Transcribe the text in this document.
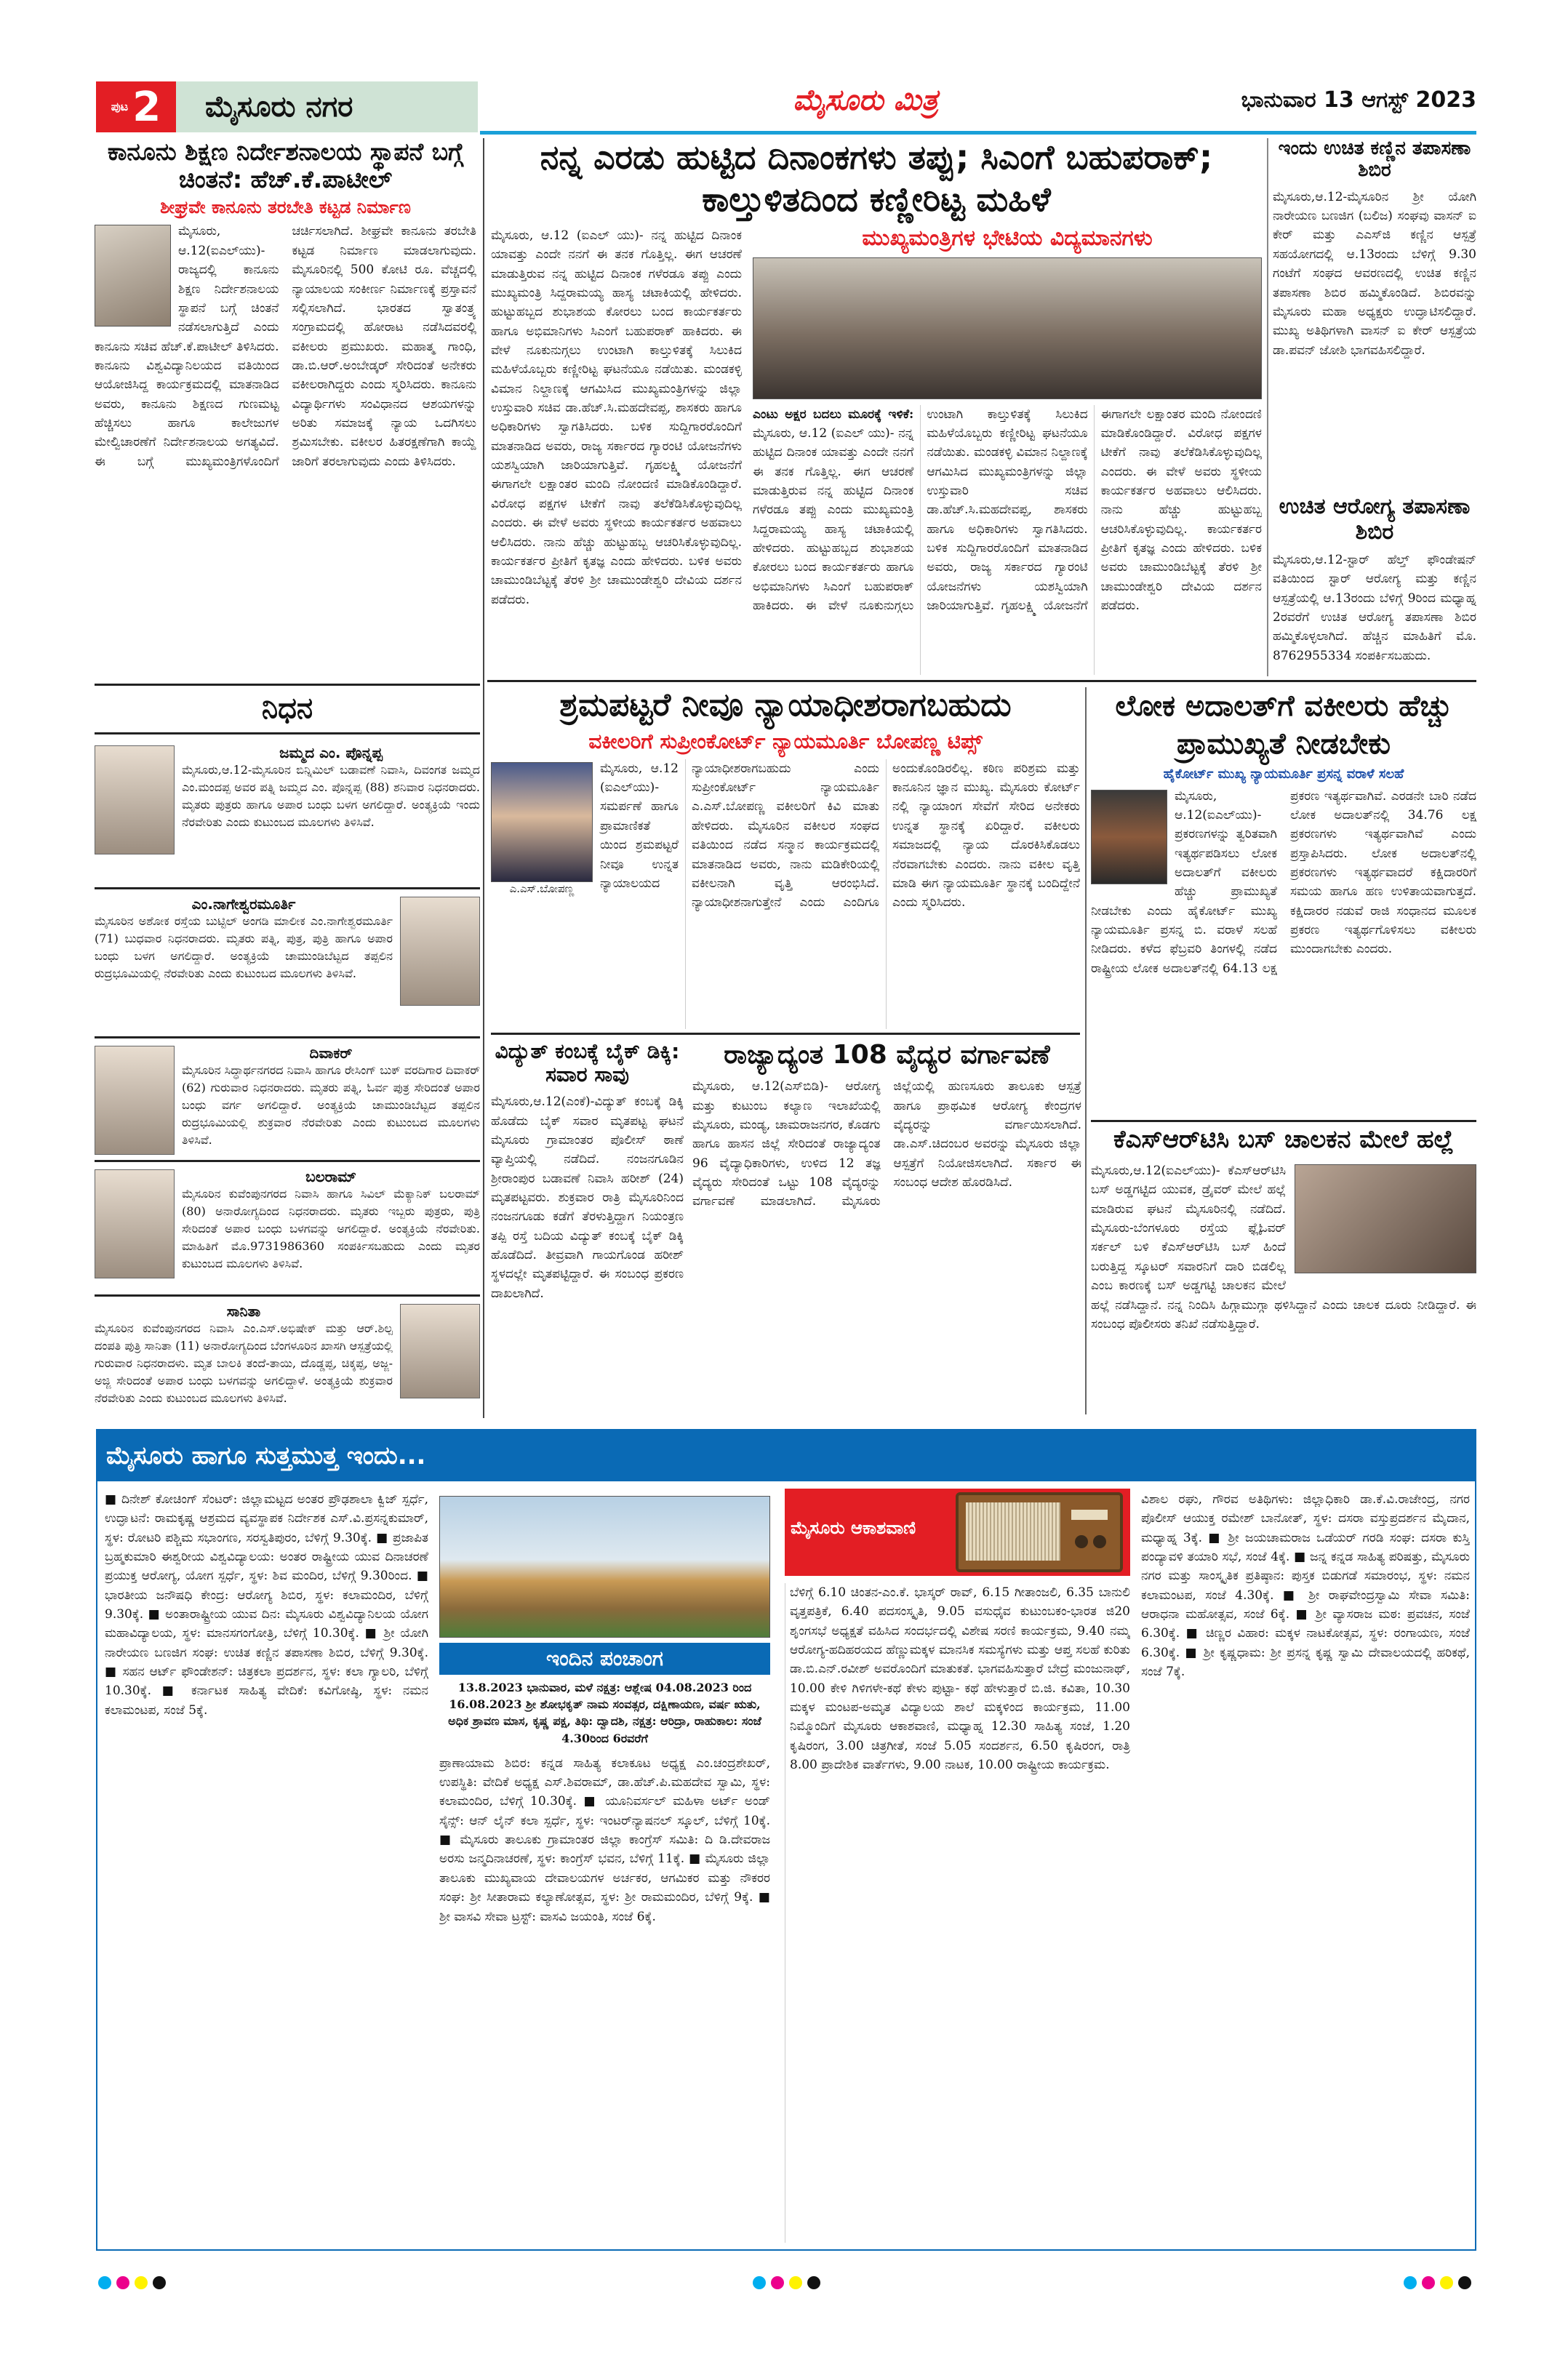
ಪುಟ 2 ಮೈಸೂರು ನಗರ	ಮೈಸೂರು ಮಿತ್ರ	ಭಾನುವಾರ 13 ಆಗಸ್ಟ್ 2023
ಕಾನೂನು ಶಿಕ್ಷಣ ನಿರ್ದೇಶನಾಲಯ ಸ್ಥಾಪನೆ ಬಗ್ಗೆ ಚಿಂತನೆ: ಹೆಚ್.ಕೆ.ಪಾಟೀಲ್
ಶೀಘ್ರವೇ ಕಾನೂನು ತರಬೇತಿ ಕಟ್ಟಡ ನಿರ್ಮಾಣ
ಮೈಸೂರು, ಆ.12(ಐಎಲ್‌ಯು)- ರಾಜ್ಯದಲ್ಲಿ ಕಾನೂನು ಶಿಕ್ಷಣ ನಿರ್ದೇಶನಾಲಯ ಸ್ಥಾಪನೆ ಬಗ್ಗೆ ಚಿಂತನೆ ನಡೆಸಲಾಗುತ್ತಿದೆ ಎಂದು ಕಾನೂನು ಸಚಿವ ಹೆಚ್.ಕೆ.ಪಾಟೀಲ್ ತಿಳಿಸಿದರು. ಕಾನೂನು ವಿಶ್ವವಿದ್ಯಾನಿಲಯದ ವತಿಯಿಂದ ಆಯೋಜಿಸಿದ್ದ ಕಾರ್ಯಕ್ರಮದಲ್ಲಿ ಮಾತನಾಡಿದ ಅವರು, ಕಾನೂನು ಶಿಕ್ಷಣದ ಗುಣಮಟ್ಟ ಹೆಚ್ಚಿಸಲು ಹಾಗೂ ಕಾಲೇಜುಗಳ ಮೇಲ್ವಿಚಾರಣೆಗೆ ನಿರ್ದೇಶನಾಲಯ ಅಗತ್ಯವಿದೆ. ಈ ಬಗ್ಗೆ ಮುಖ್ಯಮಂತ್ರಿಗಳೊಂದಿಗೆ ಚರ್ಚಿಸಲಾಗಿದೆ. ಶೀಘ್ರವೇ ಕಾನೂನು ತರಬೇತಿ ಕಟ್ಟಡ ನಿರ್ಮಾಣ ಮಾಡಲಾಗುವುದು. ಮೈಸೂರಿನಲ್ಲಿ 500 ಕೋಟಿ ರೂ. ವೆಚ್ಚದಲ್ಲಿ ನ್ಯಾಯಾಲಯ ಸಂಕೀರ್ಣ ನಿರ್ಮಾಣಕ್ಕೆ ಪ್ರಸ್ತಾವನೆ ಸಲ್ಲಿಸಲಾಗಿದೆ. ಭಾರತದ ಸ್ವಾತಂತ್ರ್ಯ ಸಂಗ್ರಾಮದಲ್ಲಿ ಹೋರಾಟ ನಡೆಸಿದವರಲ್ಲಿ ವಕೀಲರು ಪ್ರಮುಖರು. ಮಹಾತ್ಮ ಗಾಂಧಿ, ಡಾ.ಬಿ.ಆರ್.ಅಂಬೇಡ್ಕರ್ ಸೇರಿದಂತೆ ಅನೇಕರು ವಕೀಲರಾಗಿದ್ದರು ಎಂದು ಸ್ಮರಿಸಿದರು. ಕಾನೂನು ವಿದ್ಯಾರ್ಥಿಗಳು ಸಂವಿಧಾನದ ಆಶಯಗಳನ್ನು ಅರಿತು ಸಮಾಜಕ್ಕೆ ನ್ಯಾಯ ಒದಗಿಸಲು ಶ್ರಮಿಸಬೇಕು. ವಕೀಲರ ಹಿತರಕ್ಷಣೆಗಾಗಿ ಕಾಯ್ದೆ ಜಾರಿಗೆ ತರಲಾಗುವುದು ಎಂದು ತಿಳಿಸಿದರು.
ನಿಧನ
ಜಮ್ಮದ ಎಂ. ಪೊನ್ನಪ್ಪ
ಮೈಸೂರು,ಆ.12-ಮೈಸೂರಿನ ಬಿನ್ನಿಮಿಲ್ ಬಡಾವಣೆ ನಿವಾಸಿ, ದಿವಂಗತ ಜಮ್ಮದ ಎಂ.ಮಂದಪ್ಪ ಅವರ ಪತ್ನಿ ಜಮ್ಮದ ಎಂ. ಪೊನ್ನಪ್ಪ (88) ಶನಿವಾರ ನಿಧನರಾದರು. ಮೃತರು ಪುತ್ರರು ಹಾಗೂ ಅಪಾರ ಬಂಧು ಬಳಗ ಅಗಲಿದ್ದಾರೆ. ಅಂತ್ಯಕ್ರಿಯೆ ಇಂದು ನೆರವೇರಿತು ಎಂದು ಕುಟುಂಬದ ಮೂಲಗಳು ತಿಳಿಸಿವೆ.
ಎಂ.ನಾಗೇಶ್ವರಮೂರ್ತಿ
ಮೈಸೂರಿನ ಅಶೋಕ ರಸ್ತೆಯ ಬುಟ್ಟಿಲ್ ಅಂಗಡಿ ಮಾಲೀಕ ಎಂ.ನಾಗೇಶ್ವರಮೂರ್ತಿ (71) ಬುಧವಾರ ನಿಧನರಾದರು. ಮೃತರು ಪತ್ನಿ, ಪುತ್ರ, ಪುತ್ರಿ ಹಾಗೂ ಅಪಾರ ಬಂಧು ಬಳಗ ಅಗಲಿದ್ದಾರೆ. ಅಂತ್ಯಕ್ರಿಯೆ ಚಾಮುಂಡಿಬೆಟ್ಟದ ತಪ್ಪಲಿನ ರುದ್ರಭೂಮಿಯಲ್ಲಿ ನೆರವೇರಿತು ಎಂದು ಕುಟುಂಬದ ಮೂಲಗಳು ತಿಳಿಸಿವೆ.
ದಿವಾಕರ್
ಮೈಸೂರಿನ ಸಿದ್ಧಾರ್ಥನಗರದ ನಿವಾಸಿ ಹಾಗೂ ರೇಸಿಂಗ್ ಬುಕ್ ವರದಿಗಾರ ದಿವಾಕರ್ (62) ಗುರುವಾರ ನಿಧನರಾದರು. ಮೃತರು ಪತ್ನಿ, ಓರ್ವ ಪುತ್ರ ಸೇರಿದಂತೆ ಅಪಾರ ಬಂಧು ವರ್ಗ ಅಗಲಿದ್ದಾರೆ. ಅಂತ್ಯಕ್ರಿಯೆ ಚಾಮುಂಡಿಬೆಟ್ಟದ ತಪ್ಪಲಿನ ರುದ್ರಭೂಮಿಯಲ್ಲಿ ಶುಕ್ರವಾರ ನೆರವೇರಿತು ಎಂದು ಕುಟುಂಬದ ಮೂಲಗಳು ತಿಳಿಸಿವೆ.
ಬಲರಾಮ್
ಮೈಸೂರಿನ ಕುವೆಂಪುನಗರದ ನಿವಾಸಿ ಹಾಗೂ ಸಿವಿಲ್ ಮೆಕ್ಯಾನಿಕ್ ಬಲರಾಮ್ (80) ಅನಾರೋಗ್ಯದಿಂದ ನಿಧನರಾದರು. ಮೃತರು ಇಬ್ಬರು ಪುತ್ರರು, ಪುತ್ರಿ ಸೇರಿದಂತೆ ಅಪಾರ ಬಂಧು ಬಳಗವನ್ನು ಅಗಲಿದ್ದಾರೆ. ಅಂತ್ಯಕ್ರಿಯೆ ನೆರವೇರಿತು. ಮಾಹಿತಿಗೆ ಮೊ.9731986360 ಸಂಪರ್ಕಿಸಬಹುದು ಎಂದು ಮೃತರ ಕುಟುಂಬದ ಮೂಲಗಳು ತಿಳಿಸಿವೆ.
ಸಾನಿತಾ
ಮೈಸೂರಿನ ಕುವೆಂಪುನಗರದ ನಿವಾಸಿ ಎಂ.ಎಸ್.ಅಭಿಷೇಕ್ ಮತ್ತು ಆರ್.ಶಿಲ್ಪ ದಂಪತಿ ಪುತ್ರಿ ಸಾನಿತಾ (11) ಅನಾರೋಗ್ಯದಿಂದ ಬೆಂಗಳೂರಿನ ಖಾಸಗಿ ಆಸ್ಪತ್ರೆಯಲ್ಲಿ ಗುರುವಾರ ನಿಧನರಾದಳು. ಮೃತ ಬಾಲಕಿ ತಂದೆ-ತಾಯಿ, ದೊಡ್ಡಪ್ಪ, ಚಿಕ್ಕಪ್ಪ, ಅಜ್ಜ-ಅಜ್ಜಿ ಸೇರಿದಂತೆ ಅಪಾರ ಬಂಧು ಬಳಗವನ್ನು ಅಗಲಿದ್ದಾಳೆ. ಅಂತ್ಯಕ್ರಿಯೆ ಶುಕ್ರವಾರ ನೆರವೇರಿತು ಎಂದು ಕುಟುಂಬದ ಮೂಲಗಳು ತಿಳಿಸಿವೆ.
ನನ್ನ ಎರಡು ಹುಟ್ಟಿದ ದಿನಾಂಕಗಳು ತಪ್ಪು; ಸಿಎಂಗೆ ಬಹುಪರಾಕ್; ಕಾಲ್ತುಳಿತದಿಂದ ಕಣ್ಣೀರಿಟ್ಟ ಮಹಿಳೆ
ಮೈಸೂರು, ಆ.12 (ಐಎಲ್ ಯು)- ನನ್ನ ಹುಟ್ಟಿದ ದಿನಾಂಕ ಯಾವತ್ತು ಎಂದೇ ನನಗೆ ಈ ತನಕ ಗೊತ್ತಿಲ್ಲ. ಈಗ ಆಚರಣೆ ಮಾಡುತ್ತಿರುವ ನನ್ನ ಹುಟ್ಟಿದ ದಿನಾಂಕ ಗಳೆರಡೂ ತಪ್ಪು ಎಂದು ಮುಖ್ಯಮಂತ್ರಿ ಸಿದ್ದರಾಮಯ್ಯ ಹಾಸ್ಯ ಚಟಾಕಿಯಲ್ಲಿ ಹೇಳಿದರು. ಹುಟ್ಟುಹಬ್ಬದ ಶುಭಾಶಯ ಕೋರಲು ಬಂದ ಕಾರ್ಯಕರ್ತರು ಹಾಗೂ ಅಭಿಮಾನಿಗಳು ಸಿಎಂಗೆ ಬಹುಪರಾಕ್ ಹಾಕಿದರು. ಈ ವೇಳೆ ನೂಕುನುಗ್ಗಲು ಉಂಟಾಗಿ ಕಾಲ್ತುಳಿತಕ್ಕೆ ಸಿಲುಕಿದ ಮಹಿಳೆಯೊಬ್ಬರು ಕಣ್ಣೀರಿಟ್ಟ ಘಟನೆಯೂ ನಡೆಯಿತು. ಮಂಡಕಳ್ಳಿ ವಿಮಾನ ನಿಲ್ದಾಣಕ್ಕೆ ಆಗಮಿಸಿದ ಮುಖ್ಯಮಂತ್ರಿಗಳನ್ನು ಜಿಲ್ಲಾ ಉಸ್ತುವಾರಿ ಸಚಿವ ಡಾ.ಹೆಚ್.ಸಿ.ಮಹದೇವಪ್ಪ, ಶಾಸಕರು ಹಾಗೂ ಅಧಿಕಾರಿಗಳು ಸ್ವಾಗತಿಸಿದರು. ಬಳಿಕ ಸುದ್ದಿಗಾರರೊಂದಿಗೆ ಮಾತನಾಡಿದ ಅವರು, ರಾಜ್ಯ ಸರ್ಕಾರದ ಗ್ಯಾರಂಟಿ ಯೋಜನೆಗಳು ಯಶಸ್ವಿಯಾಗಿ ಜಾರಿಯಾಗುತ್ತಿವೆ. ಗೃಹಲಕ್ಷ್ಮಿ ಯೋಜನೆಗೆ ಈಗಾಗಲೇ ಲಕ್ಷಾಂತರ ಮಂದಿ ನೋಂದಣಿ ಮಾಡಿಕೊಂಡಿದ್ದಾರೆ. ವಿರೋಧ ಪಕ್ಷಗಳ ಟೀಕೆಗೆ ನಾವು ತಲೆಕೆಡಿಸಿಕೊಳ್ಳುವುದಿಲ್ಲ ಎಂದರು. ಈ ವೇಳೆ ಅವರು ಸ್ಥಳೀಯ ಕಾರ್ಯಕರ್ತರ ಅಹವಾಲು ಆಲಿಸಿದರು. ನಾನು ಹೆಚ್ಚು ಹುಟ್ಟುಹಬ್ಬ ಆಚರಿಸಿಕೊಳ್ಳುವುದಿಲ್ಲ. ಕಾರ್ಯಕರ್ತರ ಪ್ರೀತಿಗೆ ಕೃತಜ್ಞ ಎಂದು ಹೇಳಿದರು. ಬಳಿಕ ಅವರು ಚಾಮುಂಡಿಬೆಟ್ಟಕ್ಕೆ ತೆರಳಿ ಶ್ರೀ ಚಾಮುಂಡೇಶ್ವರಿ ದೇವಿಯ ದರ್ಶನ ಪಡೆದರು.
ಮುಖ್ಯಮಂತ್ರಿಗಳ ಭೇಟಿಯ ವಿದ್ಯಮಾನಗಳು
ಎಂಟು ಅಕ್ಷರ ಬದಲು ಮೂರಕ್ಕೆ ಇಳಿಕೆ: ಮೈಸೂರು, ಆ.12 (ಐಎಲ್ ಯು)- ನನ್ನ ಹುಟ್ಟಿದ ದಿನಾಂಕ ಯಾವತ್ತು ಎಂದೇ ನನಗೆ ಈ ತನಕ ಗೊತ್ತಿಲ್ಲ. ಈಗ ಆಚರಣೆ ಮಾಡುತ್ತಿರುವ ನನ್ನ ಹುಟ್ಟಿದ ದಿನಾಂಕ ಗಳೆರಡೂ ತಪ್ಪು ಎಂದು ಮುಖ್ಯಮಂತ್ರಿ ಸಿದ್ದರಾಮಯ್ಯ ಹಾಸ್ಯ ಚಟಾಕಿಯಲ್ಲಿ ಹೇಳಿದರು. ಹುಟ್ಟುಹಬ್ಬದ ಶುಭಾಶಯ ಕೋರಲು ಬಂದ ಕಾರ್ಯಕರ್ತರು ಹಾಗೂ ಅಭಿಮಾನಿಗಳು ಸಿಎಂಗೆ ಬಹುಪರಾಕ್ ಹಾಕಿದರು. ಈ ವೇಳೆ ನೂಕುನುಗ್ಗಲು ಉಂಟಾಗಿ ಕಾಲ್ತುಳಿತಕ್ಕೆ ಸಿಲುಕಿದ ಮಹಿಳೆಯೊಬ್ಬರು ಕಣ್ಣೀರಿಟ್ಟ ಘಟನೆಯೂ ನಡೆಯಿತು. ಮಂಡಕಳ್ಳಿ ವಿಮಾನ ನಿಲ್ದಾಣಕ್ಕೆ ಆಗಮಿಸಿದ ಮುಖ್ಯಮಂತ್ರಿಗಳನ್ನು ಜಿಲ್ಲಾ ಉಸ್ತುವಾರಿ ಸಚಿವ ಡಾ.ಹೆಚ್.ಸಿ.ಮಹದೇವಪ್ಪ, ಶಾಸಕರು ಹಾಗೂ ಅಧಿಕಾರಿಗಳು ಸ್ವಾಗತಿಸಿದರು. ಬಳಿಕ ಸುದ್ದಿಗಾರರೊಂದಿಗೆ ಮಾತನಾಡಿದ ಅವರು, ರಾಜ್ಯ ಸರ್ಕಾರದ ಗ್ಯಾರಂಟಿ ಯೋಜನೆಗಳು ಯಶಸ್ವಿಯಾಗಿ ಜಾರಿಯಾಗುತ್ತಿವೆ. ಗೃಹಲಕ್ಷ್ಮಿ ಯೋಜನೆಗೆ ಈಗಾಗಲೇ ಲಕ್ಷಾಂತರ ಮಂದಿ ನೋಂದಣಿ ಮಾಡಿಕೊಂಡಿದ್ದಾರೆ. ವಿರೋಧ ಪಕ್ಷಗಳ ಟೀಕೆಗೆ ನಾವು ತಲೆಕೆಡಿಸಿಕೊಳ್ಳುವುದಿಲ್ಲ ಎಂದರು. ಈ ವೇಳೆ ಅವರು ಸ್ಥಳೀಯ ಕಾರ್ಯಕರ್ತರ ಅಹವಾಲು ಆಲಿಸಿದರು. ನಾನು ಹೆಚ್ಚು ಹುಟ್ಟುಹಬ್ಬ ಆಚರಿಸಿಕೊಳ್ಳುವುದಿಲ್ಲ. ಕಾರ್ಯಕರ್ತರ ಪ್ರೀತಿಗೆ ಕೃತಜ್ಞ ಎಂದು ಹೇಳಿದರು. ಬಳಿಕ ಅವರು ಚಾಮುಂಡಿಬೆಟ್ಟಕ್ಕೆ ತೆರಳಿ ಶ್ರೀ ಚಾಮುಂಡೇಶ್ವರಿ ದೇವಿಯ ದರ್ಶನ ಪಡೆದರು.
ಇಂದು ಉಚಿತ ಕಣ್ಣಿನ ತಪಾಸಣಾ ಶಿಬಿರ
ಮೈಸೂರು,ಆ.12-ಮೈಸೂರಿನ ಶ್ರೀ ಯೋಗಿ ನಾರೇಯಣ ಬಣಜಿಗ (ಬಲಿಜ) ಸಂಘವು ವಾಸನ್ ಐ ಕೇರ್ ಮತ್ತು ಎಎಸ್‌ಜಿ ಕಣ್ಣಿನ ಆಸ್ಪತ್ರೆ ಸಹಯೋಗದಲ್ಲಿ ಆ.13ರಂದು ಬೆಳಿಗ್ಗೆ 9.30 ಗಂಟೆಗೆ ಸಂಘದ ಆವರಣದಲ್ಲಿ ಉಚಿತ ಕಣ್ಣಿನ ತಪಾಸಣಾ ಶಿಬಿರ ಹಮ್ಮಿಕೊಂಡಿದೆ. ಶಿಬಿರವನ್ನು ಮೈಸೂರು ಮಹಾ ಅಧ್ಯಕ್ಷರು ಉದ್ಘಾಟಿಸಲಿದ್ದಾರೆ. ಮುಖ್ಯ ಅತಿಥಿಗಳಾಗಿ ವಾಸನ್ ಐ ಕೇರ್ ಆಸ್ಪತ್ರೆಯ ಡಾ.ಪವನ್ ಜೋಶಿ ಭಾಗವಹಿಸಲಿದ್ದಾರೆ.
ಉಚಿತ ಆರೋಗ್ಯ ತಪಾಸಣಾ ಶಿಬಿರ
ಮೈಸೂರು,ಆ.12-ಸ್ಟಾರ್ ಹೆಲ್ತ್ ಫೌಂಡೇಷನ್ ವತಿಯಿಂದ ಸ್ಟಾರ್ ಆರೋಗ್ಯ ಮತ್ತು ಕಣ್ಣಿನ ಆಸ್ಪತ್ರೆಯಲ್ಲಿ ಆ.13ರಂದು ಬೆಳಿಗ್ಗೆ 9ರಿಂದ ಮಧ್ಯಾಹ್ನ 2ರವರೆಗೆ ಉಚಿತ ಆರೋಗ್ಯ ತಪಾಸಣಾ ಶಿಬಿರ ಹಮ್ಮಿಕೊಳ್ಳಲಾಗಿದೆ. ಹೆಚ್ಚಿನ ಮಾಹಿತಿಗೆ ಮೊ. 8762955334 ಸಂಪರ್ಕಿಸಬಹುದು.
ಶ್ರಮಪಟ್ಟರೆ ನೀವೂ ನ್ಯಾಯಾಧೀಶರಾಗಬಹುದು
ವಕೀಲರಿಗೆ ಸುಪ್ರೀಂಕೋರ್ಟ್ ನ್ಯಾಯಮೂರ್ತಿ ಬೋಪಣ್ಣ ಟಿಪ್ಸ್
ಎ.ಎಸ್.ಬೋಪಣ್ಣ
ಮೈಸೂರು, ಆ.12 (ಐಎಲ್‌ಯು)- ಸಮರ್ಪಣೆ ಹಾಗೂ ಪ್ರಾಮಾಣಿಕತೆ ಯಿಂದ ಶ್ರಮಪಟ್ಟರೆ ನೀವೂ ಉನ್ನತ ನ್ಯಾಯಾಲಯದ ನ್ಯಾಯಾಧೀಶರಾಗಬಹುದು ಎಂದು ಸುಪ್ರೀಂಕೋರ್ಟ್ ನ್ಯಾಯಮೂರ್ತಿ ಎ.ಎಸ್.ಬೋಪಣ್ಣ ವಕೀಲರಿಗೆ ಕಿವಿ ಮಾತು ಹೇಳಿದರು. ಮೈಸೂರಿನ ವಕೀಲರ ಸಂಘದ ವತಿಯಿಂದ ನಡೆದ ಸನ್ಮಾನ ಕಾರ್ಯಕ್ರಮದಲ್ಲಿ ಮಾತನಾಡಿದ ಅವರು, ನಾನು ಮಡಿಕೇರಿಯಲ್ಲಿ ವಕೀಲನಾಗಿ ವೃತ್ತಿ ಆರಂಭಿಸಿದೆ. ನ್ಯಾಯಾಧೀಶನಾಗುತ್ತೇನೆ ಎಂದು ಎಂದಿಗೂ ಅಂದುಕೊಂಡಿರಲಿಲ್ಲ. ಕಠಿಣ ಪರಿಶ್ರಮ ಮತ್ತು ಕಾನೂನಿನ ಜ್ಞಾನ ಮುಖ್ಯ. ಮೈಸೂರು ಕೋರ್ಟ್ ನಲ್ಲಿ ನ್ಯಾಯಾಂಗ ಸೇವೆಗೆ ಸೇರಿದ ಅನೇಕರು ಉನ್ನತ ಸ್ಥಾನಕ್ಕೆ ಏರಿದ್ದಾರೆ. ವಕೀಲರು ಸಮಾಜದಲ್ಲಿ ನ್ಯಾಯ ದೊರಕಿಸಿಕೊಡಲು ನೆರವಾಗಬೇಕು ಎಂದರು. ನಾನು ವಕೀಲ ವೃತ್ತಿ ಮಾಡಿ ಈಗ ನ್ಯಾಯಮೂರ್ತಿ ಸ್ಥಾನಕ್ಕೆ ಬಂದಿದ್ದೇನೆ ಎಂದು ಸ್ಮರಿಸಿದರು.
ಲೋಕ ಅದಾಲತ್‌ಗೆ ವಕೀಲರು ಹೆಚ್ಚು ಪ್ರಾಮುಖ್ಯತೆ ನೀಡಬೇಕು
ಹೈಕೋರ್ಟ್ ಮುಖ್ಯ ನ್ಯಾಯಮೂರ್ತಿ ಪ್ರಸನ್ನ ವರಾಳೆ ಸಲಹೆ
ಮೈಸೂರು, ಆ.12(ಐಎಲ್‌ಯು)- ಪ್ರಕರಣಗಳನ್ನು ತ್ವರಿತವಾಗಿ ಇತ್ಯರ್ಥಪಡಿಸಲು ಲೋಕ ಅದಾಲತ್‌ಗೆ ವಕೀಲರು ಹೆಚ್ಚು ಪ್ರಾಮುಖ್ಯತೆ ನೀಡಬೇಕು ಎಂದು ಹೈಕೋರ್ಟ್ ಮುಖ್ಯ ನ್ಯಾಯಮೂರ್ತಿ ಪ್ರಸನ್ನ ಬಿ. ವರಾಳೆ ಸಲಹೆ ನೀಡಿದರು. ಕಳೆದ ಫೆಬ್ರವರಿ ತಿಂಗಳಲ್ಲಿ ನಡೆದ ರಾಷ್ಟ್ರೀಯ ಲೋಕ ಅದಾಲತ್‌ನಲ್ಲಿ 64.13 ಲಕ್ಷ ಪ್ರಕರಣ ಇತ್ಯರ್ಥವಾಗಿವೆ. ಎರಡನೇ ಬಾರಿ ನಡೆದ ಲೋಕ ಅದಾಲತ್‌ನಲ್ಲಿ 34.76 ಲಕ್ಷ ಪ್ರಕರಣಗಳು ಇತ್ಯರ್ಥವಾಗಿವೆ ಎಂದು ಪ್ರಸ್ತಾಪಿಸಿದರು. ಲೋಕ ಅದಾಲತ್‌ನಲ್ಲಿ ಪ್ರಕರಣಗಳು ಇತ್ಯರ್ಥವಾದರೆ ಕಕ್ಷಿದಾರರಿಗೆ ಸಮಯ ಹಾಗೂ ಹಣ ಉಳಿತಾಯವಾಗುತ್ತದೆ. ಕಕ್ಷಿದಾರರ ನಡುವೆ ರಾಜಿ ಸಂಧಾನದ ಮೂಲಕ ಪ್ರಕರಣ ಇತ್ಯರ್ಥಗೊಳಿಸಲು ವಕೀಲರು ಮುಂದಾಗಬೇಕು ಎಂದರು.
ವಿದ್ಯುತ್ ಕಂಬಕ್ಕೆ ಬೈಕ್ ಡಿಕ್ಕಿ: ಸವಾರ ಸಾವು
ಮೈಸೂರು,ಆ.12(ಎಂಕೆ)-ವಿದ್ಯುತ್ ಕಂಬಕ್ಕೆ ಡಿಕ್ಕಿ ಹೊಡೆದು ಬೈಕ್ ಸವಾರ ಮೃತಪಟ್ಟ ಘಟನೆ ಮೈಸೂರು ಗ್ರಾಮಾಂತರ ಪೊಲೀಸ್ ಠಾಣೆ ವ್ಯಾಪ್ತಿಯಲ್ಲಿ ನಡೆದಿದೆ. ನಂಜನಗೂಡಿನ ಶ್ರೀರಾಂಪುರ ಬಡಾವಣೆ ನಿವಾಸಿ ಹರೀಶ್ (24) ಮೃತಪಟ್ಟವರು. ಶುಕ್ರವಾರ ರಾತ್ರಿ ಮೈಸೂರಿನಿಂದ ನಂಜನಗೂಡು ಕಡೆಗೆ ತೆರಳುತ್ತಿದ್ದಾಗ ನಿಯಂತ್ರಣ ತಪ್ಪಿ ರಸ್ತೆ ಬದಿಯ ವಿದ್ಯುತ್ ಕಂಬಕ್ಕೆ ಬೈಕ್ ಡಿಕ್ಕಿ ಹೊಡೆದಿದೆ. ತೀವ್ರವಾಗಿ ಗಾಯಗೊಂಡ ಹರೀಶ್ ಸ್ಥಳದಲ್ಲೇ ಮೃತಪಟ್ಟಿದ್ದಾರೆ. ಈ ಸಂಬಂಧ ಪ್ರಕರಣ ದಾಖಲಾಗಿದೆ.
ರಾಜ್ಯಾದ್ಯಂತ 108 ವೈದ್ಯರ ವರ್ಗಾವಣೆ
ಮೈಸೂರು, ಆ.12(ಎಸ್‌ಬಿಡಿ)- ಆರೋಗ್ಯ ಮತ್ತು ಕುಟುಂಬ ಕಲ್ಯಾಣ ಇಲಾಖೆಯಲ್ಲಿ ಮೈಸೂರು, ಮಂಡ್ಯ, ಚಾಮರಾಜನಗರ, ಕೊಡಗು ಹಾಗೂ ಹಾಸನ ಜಿಲ್ಲೆ ಸೇರಿದಂತೆ ರಾಜ್ಯಾದ್ಯಂತ 96 ವೈದ್ಯಾಧಿಕಾರಿಗಳು, ಉಳಿದ 12 ತಜ್ಞ ವೈದ್ಯರು ಸೇರಿದಂತೆ ಒಟ್ಟು 108 ವೈದ್ಯರನ್ನು ವರ್ಗಾವಣೆ ಮಾಡಲಾಗಿದೆ. ಮೈಸೂರು ಜಿಲ್ಲೆಯಲ್ಲಿ ಹುಣಸೂರು ತಾಲೂಕು ಆಸ್ಪತ್ರೆ ಹಾಗೂ ಪ್ರಾಥಮಿಕ ಆರೋಗ್ಯ ಕೇಂದ್ರಗಳ ವೈದ್ಯರನ್ನು ವರ್ಗಾಯಿಸಲಾಗಿದೆ. ಡಾ.ಎಸ್.ಚಿದಂಬರ ಅವರನ್ನು ಮೈಸೂರು ಜಿಲ್ಲಾ ಆಸ್ಪತ್ರೆಗೆ ನಿಯೋಜಿಸಲಾಗಿದೆ. ಸರ್ಕಾರ ಈ ಸಂಬಂಧ ಆದೇಶ ಹೊರಡಿಸಿದೆ.
ಕೆಎಸ್‌ಆರ್‌ಟಿಸಿ ಬಸ್ ಚಾಲಕನ ಮೇಲೆ ಹಲ್ಲೆ
ಮೈಸೂರು,ಆ.12(ಐಎಲ್‌ಯು)- ಕೆಎಸ್‌ಆರ್‌ಟಿಸಿ ಬಸ್ ಅಡ್ಡಗಟ್ಟಿದ ಯುವಕ, ಡ್ರೈವರ್ ಮೇಲೆ ಹಲ್ಲೆ ಮಾಡಿರುವ ಘಟನೆ ಮೈಸೂರಿನಲ್ಲಿ ನಡೆದಿದೆ. ಮೈಸೂರು-ಬೆಂಗಳೂರು ರಸ್ತೆಯ ಫ್ಲೈಓವರ್ ಸರ್ಕಲ್ ಬಳಿ ಕೆಎಸ್‌ಆರ್‌ಟಿಸಿ ಬಸ್ ಹಿಂದೆ ಬರುತ್ತಿದ್ದ ಸ್ಕೂಟರ್ ಸವಾರನಿಗೆ ದಾರಿ ಬಿಡಲಿಲ್ಲ ಎಂಬ ಕಾರಣಕ್ಕೆ ಬಸ್ ಅಡ್ಡಗಟ್ಟಿ ಚಾಲಕನ ಮೇಲೆ ಹಲ್ಲೆ ನಡೆಸಿದ್ದಾನೆ. ನನ್ನ ನಿಂದಿಸಿ ಹಿಗ್ಗಾಮುಗ್ಗಾ ಥಳಿಸಿದ್ದಾನೆ ಎಂದು ಚಾಲಕ ದೂರು ನೀಡಿದ್ದಾರೆ. ಈ ಸಂಬಂಧ ಪೊಲೀಸರು ತನಿಖೆ ನಡೆಸುತ್ತಿದ್ದಾರೆ.
ಮೈಸೂರು ಹಾಗೂ ಸುತ್ತಮುತ್ತ ಇಂದು...
■ ದಿನೇಶ್ ಕೋಚಿಂಗ್ ಸೆಂಟರ್: ಜಿಲ್ಲಾಮಟ್ಟದ ಅಂತರ ಪ್ರೌಢಶಾಲಾ ಕ್ವಿಜ್ ಸ್ಪರ್ಧೆ, ಉದ್ಘಾಟನೆ: ರಾಮಕೃಷ್ಣ ಆಶ್ರಮದ ವ್ಯವಸ್ಥಾಪಕ ನಿರ್ದೇಶಕ ಎಸ್.ವಿ.ಪ್ರಸನ್ನಕುಮಾರ್, ಸ್ಥಳ: ರೋಟರಿ ಪಶ್ಚಿಮ ಸಭಾಂಗಣ, ಸರಸ್ವತಿಪುರಂ, ಬೆಳಿಗ್ಗೆ 9.30ಕ್ಕೆ. ■ ಪ್ರಜಾಪಿತ ಬ್ರಹ್ಮಕುಮಾರಿ ಈಶ್ವರೀಯ ವಿಶ್ವವಿದ್ಯಾಲಯ: ಅಂತರ ರಾಷ್ಟ್ರೀಯ ಯುವ ದಿನಾಚರಣೆ ಪ್ರಯುಕ್ತ ಆರೋಗ್ಯ, ಯೋಗ ಸ್ಪರ್ಧೆ, ಸ್ಥಳ: ಶಿವ ಮಂದಿರ, ಬೆಳಿಗ್ಗೆ 9.30ರಿಂದ. ■ ಭಾರತೀಯ ಜನೌಷಧಿ ಕೇಂದ್ರ: ಆರೋಗ್ಯ ಶಿಬಿರ, ಸ್ಥಳ: ಕಲಾಮಂದಿರ, ಬೆಳಿಗ್ಗೆ 9.30ಕ್ಕೆ. ■ ಅಂತಾರಾಷ್ಟ್ರೀಯ ಯುವ ದಿನ: ಮೈಸೂರು ವಿಶ್ವವಿದ್ಯಾನಿಲಯ ಯೋಗ ಮಹಾವಿದ್ಯಾಲಯ, ಸ್ಥಳ: ಮಾನಸಗಂಗೋತ್ರಿ, ಬೆಳಿಗ್ಗೆ 10.30ಕ್ಕೆ. ■ ಶ್ರೀ ಯೋಗಿ ನಾರೇಯಣ ಬಣಜಿಗ ಸಂಘ: ಉಚಿತ ಕಣ್ಣಿನ ತಪಾಸಣಾ ಶಿಬಿರ, ಬೆಳಿಗ್ಗೆ 9.30ಕ್ಕೆ. ■ ಸಹನ ಆರ್ಟ್ ಫೌಂಡೇಶನ್: ಚಿತ್ರಕಲಾ ಪ್ರದರ್ಶನ, ಸ್ಥಳ: ಕಲಾ ಗ್ಯಾಲರಿ, ಬೆಳಿಗ್ಗೆ 10.30ಕ್ಕೆ. ■ ಕರ್ನಾಟಕ ಸಾಹಿತ್ಯ ವೇದಿಕೆ: ಕವಿಗೋಷ್ಠಿ, ಸ್ಥಳ: ನಮನ ಕಲಾಮಂಟಪ, ಸಂಜೆ 5ಕ್ಕೆ.
ಇಂದಿನ ಪಂಚಾಂಗ
13.8.2023 ಭಾನುವಾರ, ಮಳೆ ನಕ್ಷತ್ರ: ಆಶ್ಲೇಷ 04.08.2023 ರಿಂದ 16.08.2023 ಶ್ರೀ ಶೋಭಕೃತ್ ನಾಮ ಸಂವತ್ಸರ, ದಕ್ಷಿಣಾಯಣ, ವರ್ಷ ಋತು, ಅಧಿಕ ಶ್ರಾವಣ ಮಾಸ, ಕೃಷ್ಣ ಪಕ್ಷ, ತಿಥಿ: ದ್ವಾದಶಿ, ನಕ್ಷತ್ರ: ಆರಿದ್ರಾ, ರಾಹುಕಾಲ: ಸಂಜೆ 4.30ರಿಂದ 6ರವರೆಗೆ
ಪ್ರಾಣಾಯಾಮ ಶಿಬಿರ: ಕನ್ನಡ ಸಾಹಿತ್ಯ ಕಲಾಕೂಟ ಅಧ್ಯಕ್ಷ ಎಂ.ಚಂದ್ರಶೇಖರ್, ಉಪಸ್ಥಿತಿ: ವೇದಿಕೆ ಅಧ್ಯಕ್ಷ ಎಸ್.ಶಿವರಾಮ್, ಡಾ.ಹೆಚ್.ಪಿ.ಮಹದೇವ ಸ್ವಾಮಿ, ಸ್ಥಳ: ಕಲಾಮಂದಿರ, ಬೆಳಿಗ್ಗೆ 10.30ಕ್ಕೆ. ■ ಯೂನಿವರ್ಸಲ್ ಮಹಿಳಾ ಅರ್ಟ್ ಅಂಡ್ ಸೈನ್ಸ್: ಆನ್ ಲೈನ್ ಕಲಾ ಸ್ಪರ್ಧೆ, ಸ್ಥಳ: ಇಂಟರ್‌ನ್ಯಾಷನಲ್ ಸ್ಕೂಲ್, ಬೆಳಿಗ್ಗೆ 10ಕ್ಕೆ. ■ ಮೈಸೂರು ತಾಲೂಕು ಗ್ರಾಮಾಂತರ ಜಿಲ್ಲಾ ಕಾಂಗ್ರೆಸ್ ಸಮಿತಿ: ದಿ ಡಿ.ದೇವರಾಜ ಅರಸು ಜನ್ಮದಿನಾಚರಣೆ, ಸ್ಥಳ: ಕಾಂಗ್ರೆಸ್ ಭವನ, ಬೆಳಿಗ್ಗೆ 11ಕ್ಕೆ. ■ ಮೈಸೂರು ಜಿಲ್ಲಾ ತಾಲೂಕು ಮುಖ್ಯವಾಯ ದೇವಾಲಯಗಳ ಅರ್ಚಕರ, ಆಗಮಿಕರ ಮತ್ತು ನೌಕರರ ಸಂಘ: ಶ್ರೀ ಸೀತಾರಾಮ ಕಲ್ಯಾಣೋತ್ಸವ, ಸ್ಥಳ: ಶ್ರೀ ರಾಮಮಂದಿರ, ಬೆಳಿಗ್ಗೆ 9ಕ್ಕೆ. ■ ಶ್ರೀ ವಾಸವಿ ಸೇವಾ ಟ್ರಸ್ಟ್: ವಾಸವಿ ಜಯಂತಿ, ಸಂಜೆ 6ಕ್ಕೆ.
ಮೈಸೂರು ಆಕಾಶವಾಣಿ
ಬೆಳಿಗ್ಗೆ 6.10 ಚಿಂತನ-ಎಂ.ಕೆ. ಭಾಸ್ಕರ್ ರಾವ್, 6.15 ಗೀತಾಂಜಲಿ, 6.35 ಬಾನುಲಿ ವೃತ್ತಪತ್ರಿಕೆ, 6.40 ಪದಸಂಸ್ಕೃತಿ, 9.05 ವಸುಧೈವ ಕುಟುಂಬಕಂ-ಭಾರತ ಜಿ20 ಶೃಂಗಸಭೆ ಅಧ್ಯಕ್ಷತೆ ವಹಿಸಿದ ಸಂದರ್ಭದಲ್ಲಿ ವಿಶೇಷ ಸರಣಿ ಕಾರ್ಯಕ್ರಮ, 9.40 ನಮ್ಮ ಆರೋಗ್ಯ-ಹದಿಹರಯದ ಹೆಣ್ಣುಮಕ್ಕಳ ಮಾನಸಿಕ ಸಮಸ್ಯೆಗಳು ಮತ್ತು ಆಪ್ತ ಸಲಹೆ ಕುರಿತು ಡಾ.ಬಿ.ಎನ್.ರವೀಶ್ ಅವರೊಂದಿಗೆ ಮಾತುಕತೆ. ಭಾಗವಹಿಸುತ್ತಾರೆ ಬೇದ್ರೆ ಮಂಜುನಾಥ್, 10.00 ಕೇಳಿ ಗಿಳಿಗಳೇ-ಕಥೆ ಕೇಳು ಪುಟ್ಟಾ- ಕಥೆ ಹೇಳುತ್ತಾರೆ ಬಿ.ಜಿ. ಕವಿತಾ, 10.30 ಮಕ್ಕಳ ಮಂಟಪ-ಅಮೃತ ವಿದ್ಯಾಲಯ ಶಾಲೆ ಮಕ್ಕಳಿಂದ ಕಾರ್ಯಕ್ರಮ, 11.00 ನಿಮ್ಮೊಂದಿಗೆ ಮೈಸೂರು ಆಕಾಶವಾಣಿ, ಮಧ್ಯಾಹ್ನ 12.30 ಸಾಹಿತ್ಯ ಸಂಜೆ, 1.20 ಕೃಷಿರಂಗ, 3.00 ಚಿತ್ರಗೀತೆ, ಸಂಜೆ 5.05 ಸಂದರ್ಶನ, 6.50 ಕೃಷಿರಂಗ, ರಾತ್ರಿ 8.00 ಪ್ರಾದೇಶಿಕ ವಾರ್ತೆಗಳು, 9.00 ನಾಟಕ, 10.00 ರಾಷ್ಟ್ರೀಯ ಕಾರ್ಯಕ್ರಮ.
ವಿಶಾಲ ರಘು, ಗೌರವ ಅತಿಥಿಗಳು: ಜಿಲ್ಲಾಧಿಕಾರಿ ಡಾ.ಕೆ.ವಿ.ರಾಜೇಂದ್ರ, ನಗರ ಪೊಲೀಸ್ ಆಯುಕ್ತ ರಮೇಶ್ ಬಾನೋತ್, ಸ್ಥಳ: ದಸರಾ ವಸ್ತುಪ್ರದರ್ಶನ ಮೈದಾನ, ಮಧ್ಯಾಹ್ನ 3ಕ್ಕೆ. ■ ಶ್ರೀ ಜಯಚಾಮರಾಜ ಒಡೆಯರ್ ಗರಡಿ ಸಂಘ: ದಸರಾ ಕುಸ್ತಿ ಪಂದ್ಯಾವಳಿ ತಯಾರಿ ಸಭೆ, ಸಂಜೆ 4ಕ್ಕೆ. ■ ಜನ್ನ ಕನ್ನಡ ಸಾಹಿತ್ಯ ಪರಿಷತ್ತು, ಮೈಸೂರು ನಗರ ಮತ್ತು ಸಾಂಸ್ಕೃತಿಕ ಪ್ರತಿಷ್ಠಾನ: ಪುಸ್ತಕ ಬಿಡುಗಡೆ ಸಮಾರಂಭ, ಸ್ಥಳ: ನಮನ ಕಲಾಮಂಟಪ, ಸಂಜೆ 4.30ಕ್ಕೆ. ■ ಶ್ರೀ ರಾಘವೇಂದ್ರಸ್ವಾಮಿ ಸೇವಾ ಸಮಿತಿ: ಆರಾಧನಾ ಮಹೋತ್ಸವ, ಸಂಜೆ 6ಕ್ಕೆ. ■ ಶ್ರೀ ವ್ಯಾಸರಾಜ ಮಠ: ಪ್ರವಚನ, ಸಂಜೆ 6.30ಕ್ಕೆ. ■ ಚಿಣ್ಣರ ವಿಹಾರ: ಮಕ್ಕಳ ನಾಟಕೋತ್ಸವ, ಸ್ಥಳ: ರಂಗಾಯಣ, ಸಂಜೆ 6.30ಕ್ಕೆ. ■ ಶ್ರೀ ಕೃಷ್ಣಧಾಮ: ಶ್ರೀ ಪ್ರಸನ್ನ ಕೃಷ್ಣ ಸ್ವಾಮಿ ದೇವಾಲಯದಲ್ಲಿ ಹರಿಕಥೆ, ಸಂಜೆ 7ಕ್ಕೆ.
